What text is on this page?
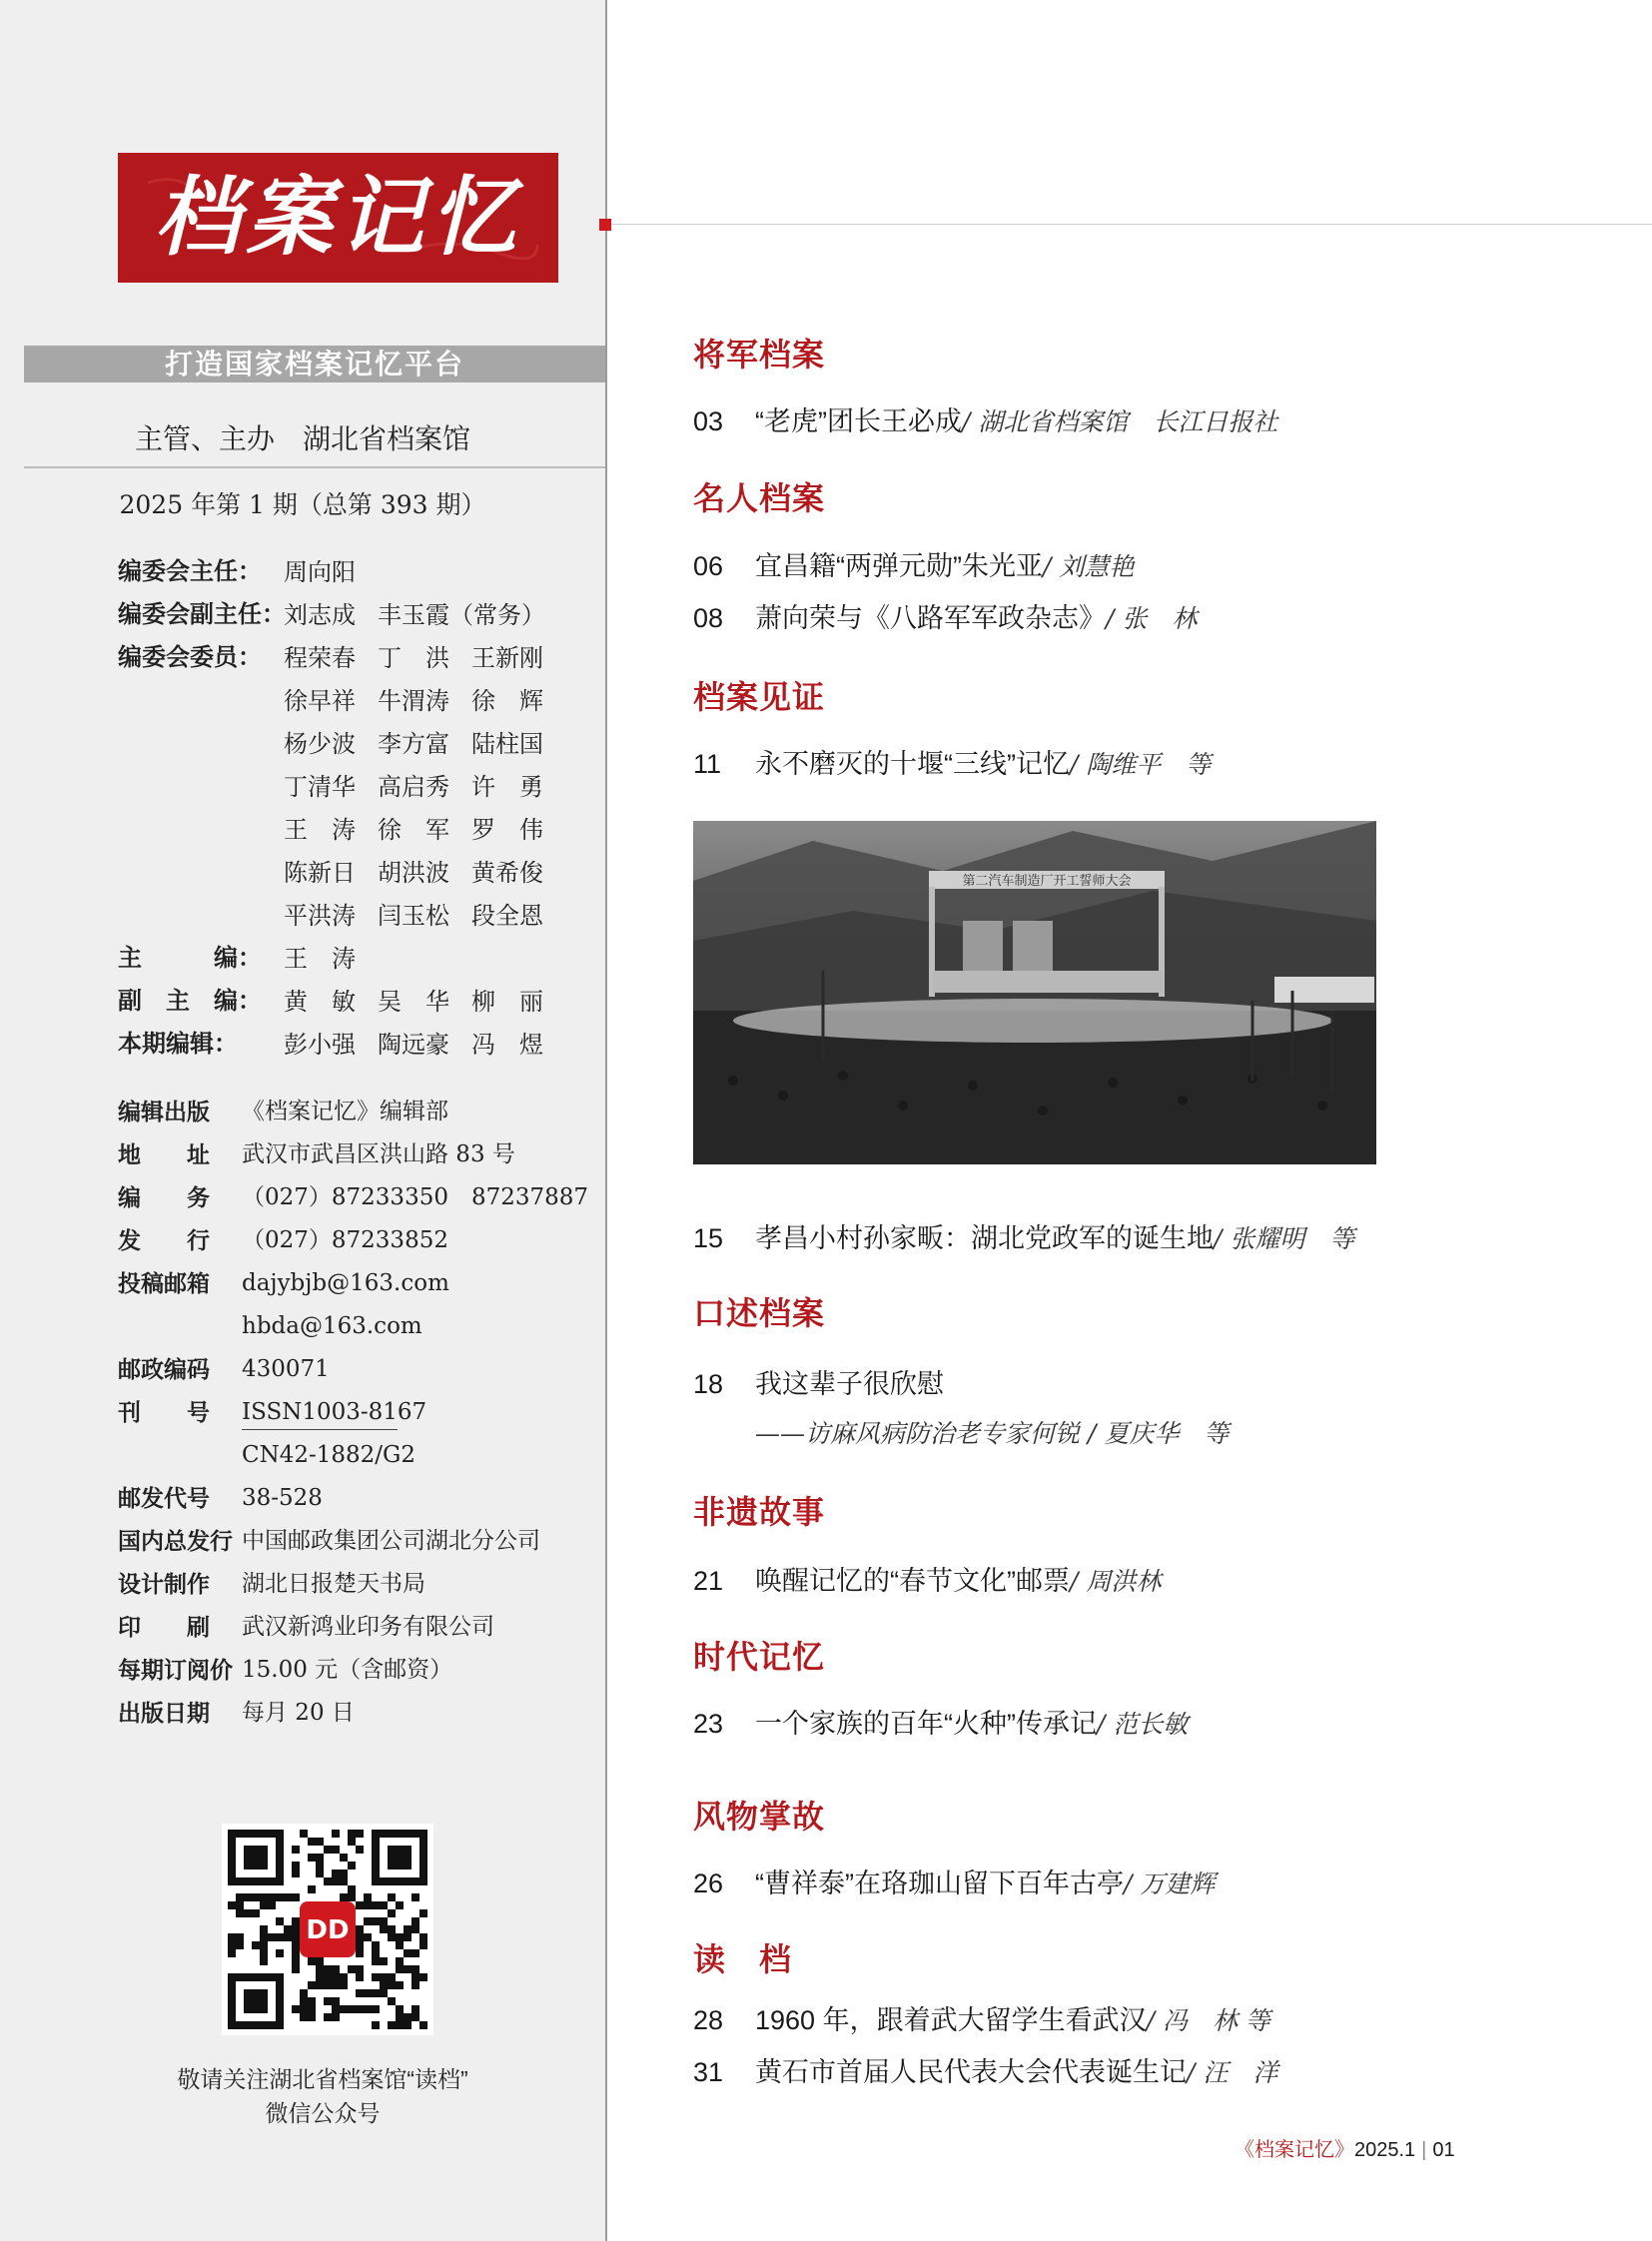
档案记忆
打造国家档案记忆平台
主管、主办　湖北省档案馆
2025 年第 1 期（总第 393 期）
编委会主任： 周向阳
编委会副主任：
刘志成 丰玉霞（常务）
编委会委员： 程荣春 丁　洪 王新刚
徐早祥 牛渭涛 徐　辉
杨少波 李方富 陆柱国
丁清华 高启秀 许　勇
王　涛 徐　军 罗　伟
陈新日 胡洪波 黄希俊
平洪涛 闫玉松 段全恩
主　　　编： 王　涛
副　主　编： 黄　敏 吴　华 柳　丽
本期编辑：	彭小强 陶远豪 冯　煜
编辑出版	《档案记忆》编辑部
地　　址	武汉市武昌区洪山路 83 号
编　　务	（027）87233350　87237887
发　　行	（027）87233852
投稿邮箱	dajybjb@163.com
hbda@163.com
邮政编码	430071
刊　　号	ISSN1003-8167
CN42-1882/G2
邮发代号	38-528
国内总发行 中国邮政集团公司湖北分公司
设计制作	湖北日报楚天书局
印　　刷	武汉新鸿业印务有限公司
每期订阅价 15.00 元（含邮资）
出版日期	每月 20 日
DD
敬请关注湖北省档案馆“读档”
微信公众号
将军档案
03 “老虎”团长王必成/ 湖北省档案馆　长江日报社
名人档案
06 宜昌籍“两弹元勋”朱光亚/ 刘慧艳
08 萧向荣与《八路军军政杂志》/ 张　林
档案见证
11 永不磨灭的十堰“三线”记忆/ 陶维平　等
15 孝昌小村孙家畈：湖北党政军的诞生地/ 张耀明　等
口述档案
18 我这辈子很欣慰
——访麻风病防治老专家何锐 / 夏庆华　等
非遗故事
21 唤醒记忆的“春节文化”邮票/ 周洪林
时代记忆
23 一个家族的百年“火种”传承记/ 范长敏
风物掌故
26 “曹祥泰”在珞珈山留下百年古亭/ 万建辉
读　档
28 1960 年，跟着武大留学生看武汉/ 冯　林 等
31 黄石市首届人民代表大会代表诞生记/ 汪　洋
第二汽车制造厂开工誓师大会
《档案记忆》2025.1 | 01
